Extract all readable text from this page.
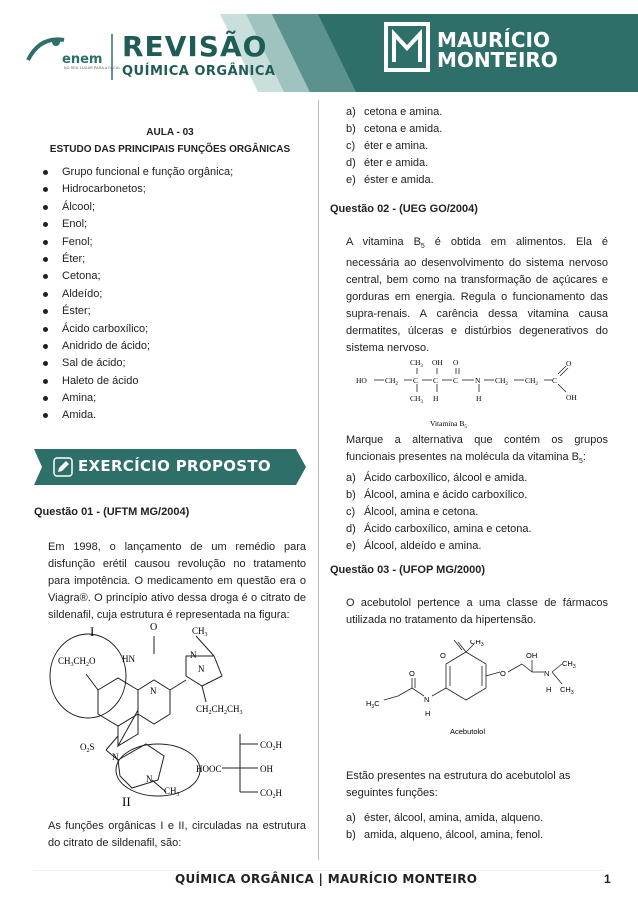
enem
NO SEU LUGAR PARA A FACUL
REVISÃO
QUÍMICA ORGÂNICA
MAURÍCIO
MONTEIRO
AULA - 03
ESTUDO DAS PRINCIPAIS FUNÇÕES ORGÂNICAS
Grupo funcional e função orgânica;
Hidrocarbonetos;
Álcool;
Enol;
Fenol;
Éter;
Cetona;
Aldeído;
Éster;
Ácido carboxílico;
Anidrido de ácido;
Sal de ácido;
Haleto de ácido
Amina;
Amida.
EXERCÍCIO PROPOSTO
Questão 01 - (UFTM MG/2004)
Em 1998, o lançamento de um remédio para disfunção erétil causou revolução no tratamento para impotência. O medicamento em questão era o Viagra®. O princípio ativo dessa droga é o citrato de sildenafil, cuja estrutura é representada na figura:
I	O	$CH_3$
$CH_3CH_2O$	HN	N
N
N
$CH_2CH_2CH_3$
$O_2S$
N
N
$CH_3$
II
$CO_2H$
HOOC	OH
$CO_2H$
As funções orgânicas I e II, circuladas na estrutura do citrato de sildenafil, são:
a) cetona e amina.
b) cetona e amida.
c) éter e amina.
d) éter e amida.
e) éster e amida.
Questão 02 - (UEG GO/2004)
A vitamina $B_5$ é obtida em alimentos. Ela é necessária ao desenvolvimento do sistema nervoso central, bem como na transformação de açúcares e gorduras em energia. Regula o funcionamento das supra-renais. A carência dessa vitamina causa dermatites, úlceras e distúrbios degenerativos do sistema nervoso.
HO $CH_2$ C C C N $CH_2$ $CH_2$ C
$CH_3$ OH O
$CH_3$ H	H
O
OH
Vitamina $B_5$
Marque a alternativa que contém os grupos funcionais presentes na molécula da vitamina $B_5$:
a) Ácido carboxílico, álcool e amida.
b) Álcool, amina e ácido carboxílico.
c) Álcool, amina e cetona.
d) Ácido carboxílico, amina e cetona.
e) Álcool, aldeído e amina.
Questão 03 - (UFOP MG/2000)
O acebutolol pertence a uma classe de fármacos utilizada no tratamento da hipertensão.
O
$CH_3$
O
OH
N
H
$CH_3$
$CH_3$
O
N
H
$H_3C$
Acebutolol
Estão presentes na estrutura do acebutolol as seguintes funções:
a) éster, álcool, amina, amida, alqueno.
b) amida, alqueno, álcool, amina, fenol.
QUÍMICA ORGÂNICA | MAURÍCIO MONTEIRO	1
